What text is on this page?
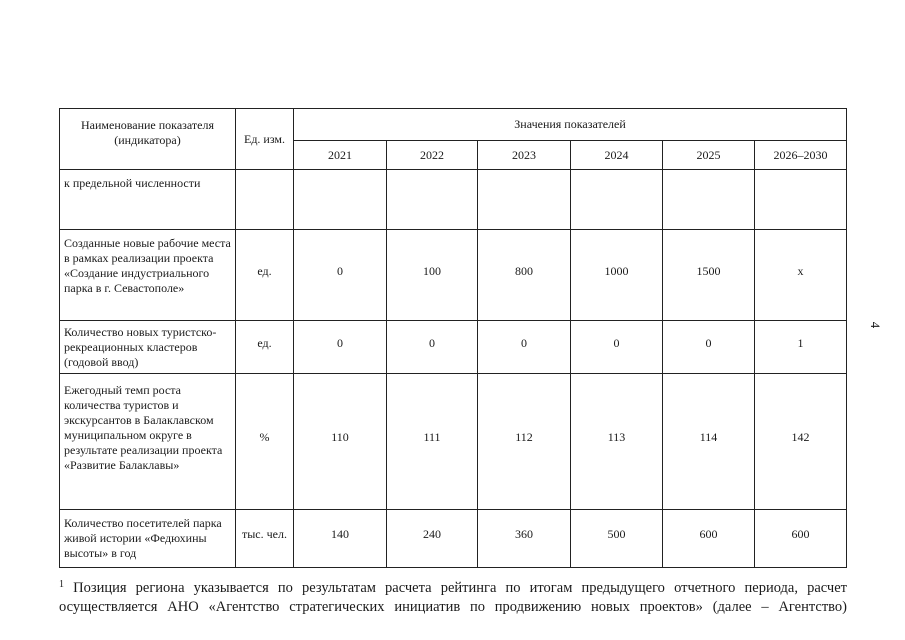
Наименование показателя (индикатора)	Ед. изм.	Значения показателей					
		2021	2022	2023	2024	2025	2026–2030
к предельной численности							
Созданные новые рабочие места в рамках реализации проекта «Создание индустриального парка в г. Севастополе»	ед.	0	100	800	1000	1500	х
Количество новых туристско-рекреационных кластеров (годовой ввод)	ед.	0	0	0	0	0	1
Ежегодный темп роста количества туристов и экскурсантов в Балаклавском муниципальном округе в результате реализации проекта «Развитие Балаклавы»	%	110	111	112	113	114	142
Количество посетителей парка живой истории «Федюхины высоты» в год	тыс. чел.	140	240	360	500	600	600
4
$^1$ Позиция региона указывается по результатам расчета рейтинга по итогам предыдущего отчетного периода, расчет осуществляется АНО «Агентство стратегических инициатив по продвижению новых проектов» (далее – Агентство)
